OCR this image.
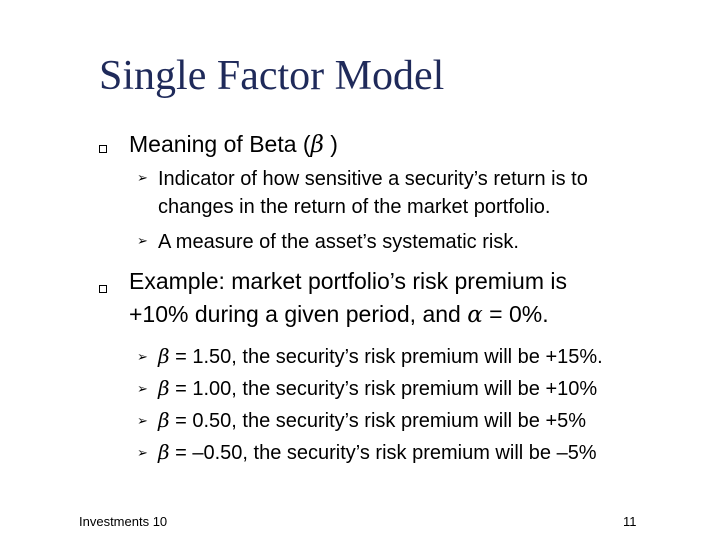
Single Factor Model
Meaning of Beta (β )
➢ Indicator of how sensitive a security’s return is to
changes in the return of the market portfolio.
➢ A measure of the asset’s systematic risk.
Example: market portfolio’s risk premium is
+10% during a given period, and α = 0%.
➢ β = 1.50, the security’s risk premium will be +15%.
➢ β = 1.00, the security’s risk premium will be +10%
➢ β = 0.50, the security’s risk premium will be +5%
➢ β = –0.50, the security’s risk premium will be –5%
Investments 10	11
